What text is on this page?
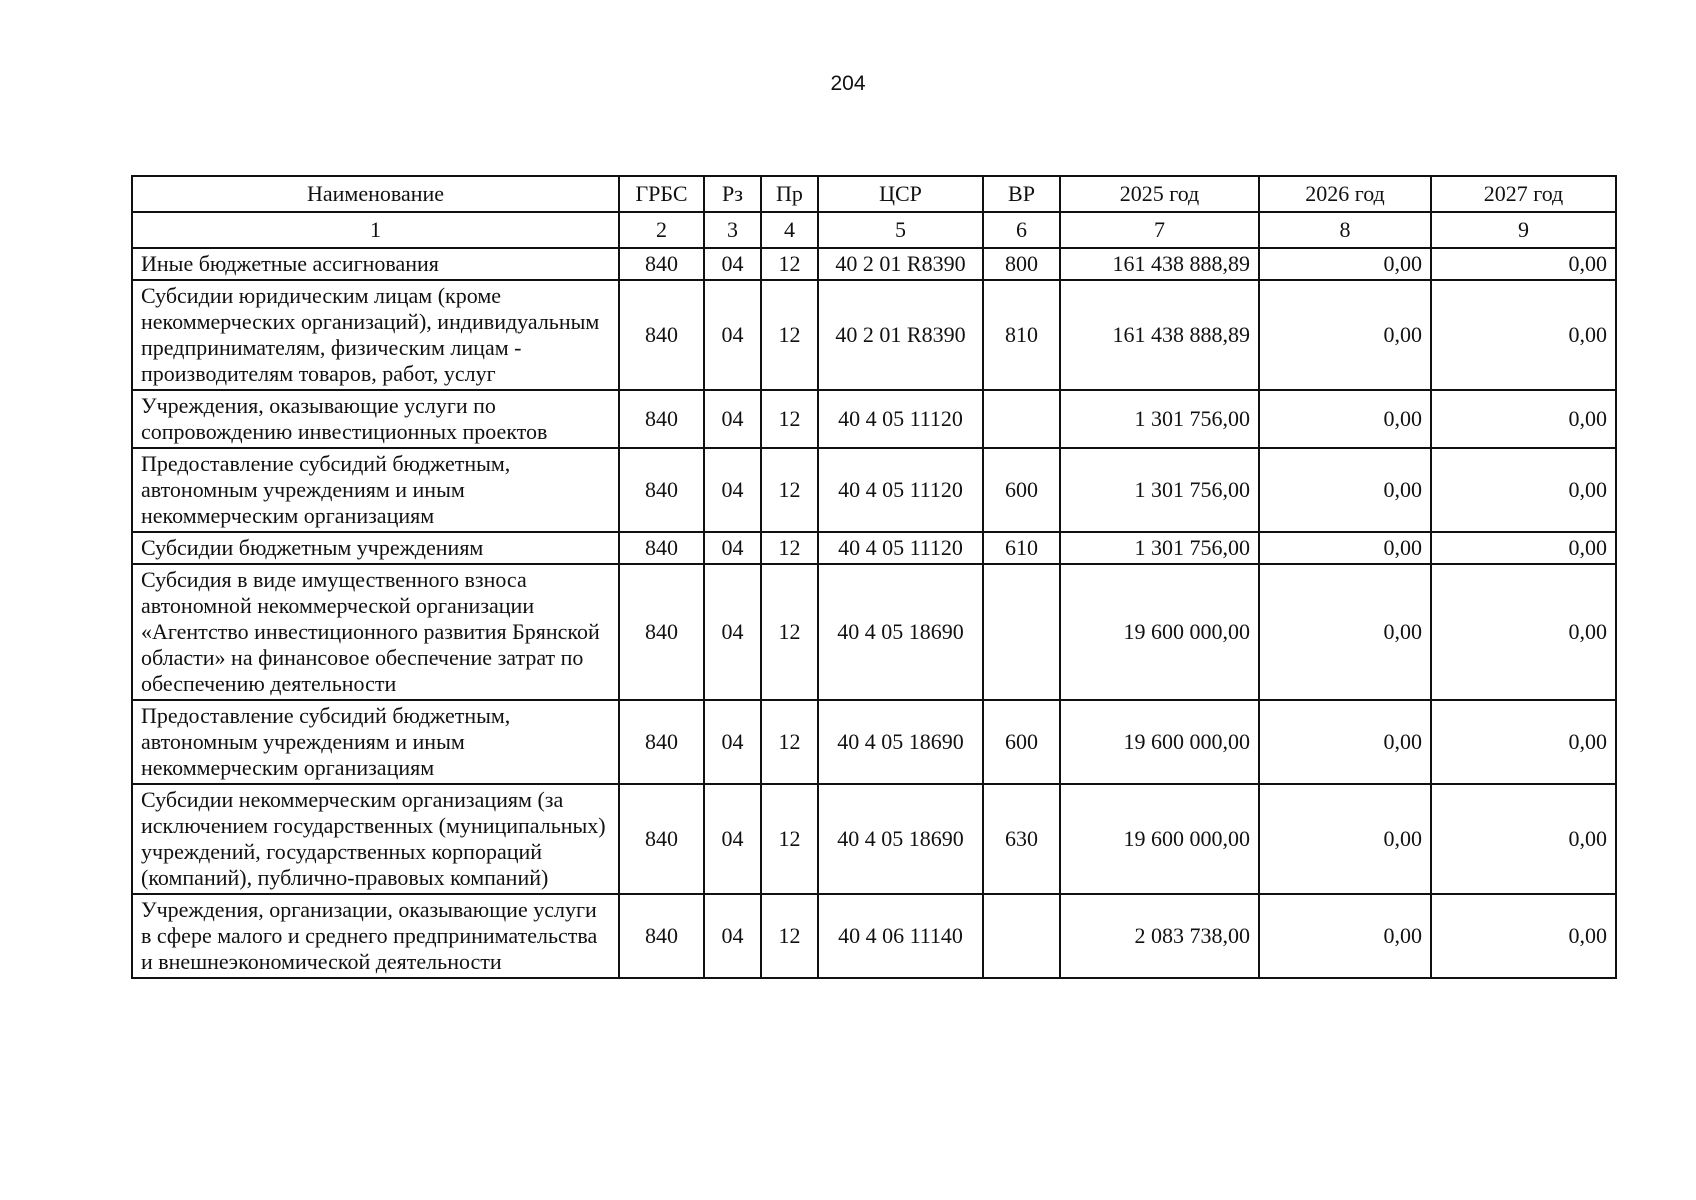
204
Наименование	ГРБС	Рз	Пр	ЦСР	ВР	2025 год	2026 год	2027 год
1	2	3	4	5	6	7	8	9
Иные бюджетные ассигнования	840	04	12	40 2 01 R8390	800	161 438 888,89	0,00	0,00
Субсидии юридическим лицам (кроме некоммерческих организаций), индивидуальным предпринимателям, физическим лицам - производителям товаров, работ, услуг	840	04	12	40 2 01 R8390	810	161 438 888,89	0,00	0,00
Учреждения, оказывающие услуги по сопровождению инвестиционных проектов	840	04	12	40 4 05 11120		1 301 756,00	0,00	0,00
Предоставление субсидий бюджетным, автономным учреждениям и иным некоммерческим организациям	840	04	12	40 4 05 11120	600	1 301 756,00	0,00	0,00
Субсидии бюджетным учреждениям	840	04	12	40 4 05 11120	610	1 301 756,00	0,00	0,00
Субсидия в виде имущественного взноса автономной некоммерческой организации «Агентство инвестиционного развития Брянской области» на финансовое обеспечение затрат по обеспечению деятельности	840	04	12	40 4 05 18690		19 600 000,00	0,00	0,00
Предоставление субсидий бюджетным, автономным учреждениям и иным некоммерческим организациям	840	04	12	40 4 05 18690	600	19 600 000,00	0,00	0,00
Субсидии некоммерческим организациям (за исключением государственных (муниципальных) учреждений, государственных корпораций (компаний), публично-правовых компаний)	840	04	12	40 4 05 18690	630	19 600 000,00	0,00	0,00
Учреждения, организации, оказывающие услуги в сфере малого и среднего предпринимательства и внешнеэкономической деятельности	840	04	12	40 4 06 11140		2 083 738,00	0,00	0,00
